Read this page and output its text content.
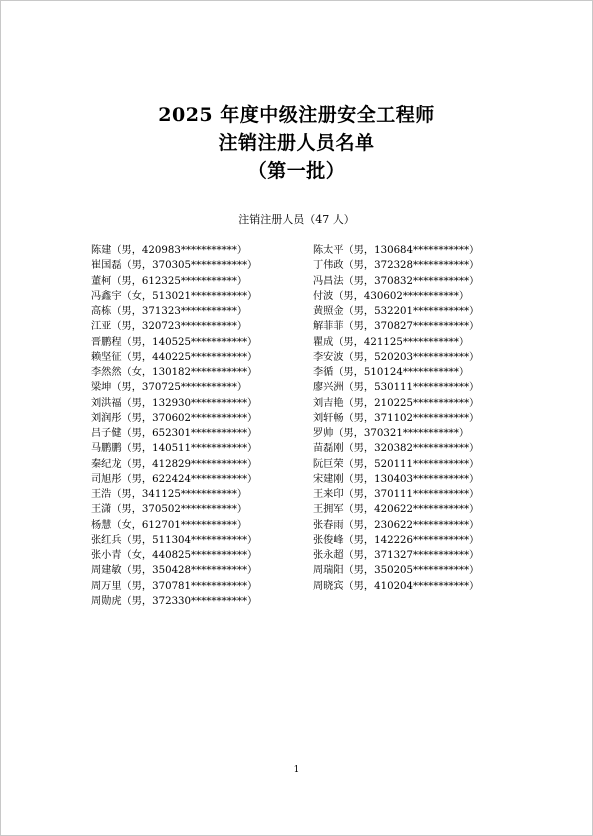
2025 年度中级注册安全工程师
注销注册人员名单
（第一批）
注销注册人员（47 人）
陈建（男，420983***********）
崔国磊（男，370305***********）
董柯（男，612325***********）
冯鑫宇（女，513021***********）
高栋（男，371323***********）
江亚（男，320723***********）
晋鹏程（男，140525***********）
赖坚征（男，440225***********）
李然然（女，130182***********）
梁坤（男，370725***********）
刘洪福（男，132930***********）
刘润彤（男，370602***********）
吕子健（男，652301***********）
马鹏鹏（男，140511***********）
秦纪龙（男，412829***********）
司旭彤（男，622424***********）
王浩（男，341125***********）
王潇（男，370502***********）
杨慧（女，612701***********）
张红兵（男，511304***********）
张小青（女，440825***********）
周建敏（男，350428***********）
周万里（男，370781***********）
周勋虎（男，372330***********）
陈太平（男，130684***********）
丁伟政（男，372328***********）
冯昌法（男，370832***********）
付波（男，430602***********）
黄照金（男，532201***********）
解菲菲（男，370827***********）
瞿成（男，421125***********）
李安波（男，520203***********）
李循（男，510124***********）
廖兴洲（男，530111***********）
刘吉艳（男，210225***********）
刘轩畅（男，371102***********）
罗帅（男，370321***********）
苗磊刚（男，320382***********）
阮巨荣（男，520111***********）
宋建刚（男，130403***********）
王来印（男，370111***********）
王拥军（男，420622***********）
张春雨（男，230622***********）
张俊峰（男，142226***********）
张永超（男，371327***********）
周瑞阳（男，350205***********）
周晓宾（男，410204***********）
1
